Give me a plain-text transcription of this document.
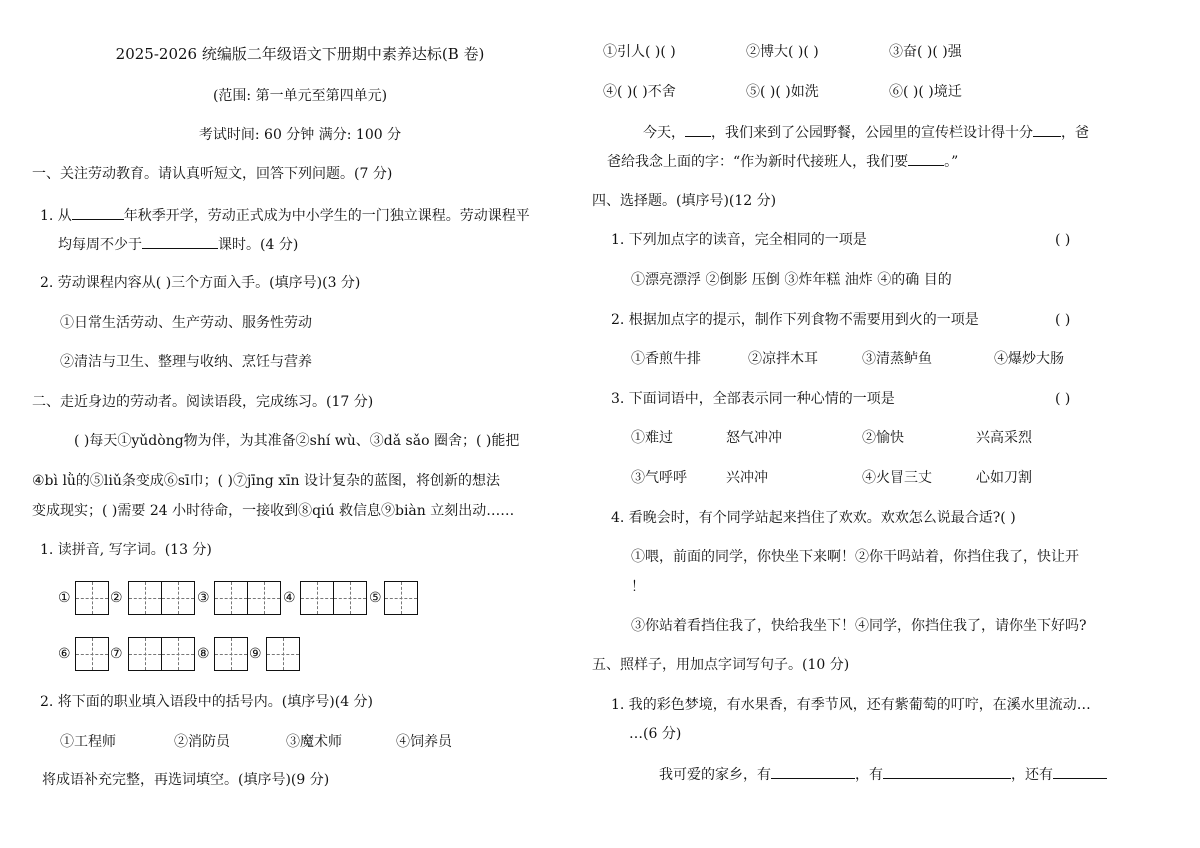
2025-2026 统编版二年级语文下册期中素养达标(B 卷)
(范围: 第一单元至第四单元)
考试时间: 60 分钟 满分: 100 分
一、关注劳动教育。请认真听短文，回答下列问题。(7 分)
1. 从	年秋季开学，劳动正式成为中小学生的一门独立课程。劳动课程平
均每周不少于	课时。(4 分)
2. 劳动课程内容从( )三个方面入手。(填序号)(3 分)
①日常生活劳动、生产劳动、服务性劳动
②清洁与卫生、整理与收纳、烹饪与营养
二、走近身边的劳动者。阅读语段，完成练习。(17 分)
( )每天①yǔdòng物为伴，为其准备②shí wù、③dǎ sǎo 圈舍；( )能把
④bì lǜ的⑤liǔ条变成⑥sī巾；( )⑦jīng xīn 设计复杂的蓝图，将创新的想法
变成现实；( )需要 24 小时待命，一接收到⑧qiú 救信息⑨biàn 立刻出动……
1. 读拼音, 写字词。(13 分)
①	②	③	④	⑤
⑥	⑦	⑧	⑨
2. 将下面的职业填入语段中的括号内。(填序号)(4 分)
①工程师	②消防员	③魔术师	④饲养员
将成语补充完整，再选词填空。(填序号)(9 分)
①引人( )( )	②博大( )( )	③奋( )( )强
④( )( )不舍	⑤( )( )如洗	⑥( )( )境迁
今天， ，我们来到了公园野餐，公园里的宣传栏设计得十分 ，爸
爸给我念上面的字：“作为新时代接班人，我们要	。”
四、选择题。(填序号)(12 分)
1. 下列加点字的读音，完全相同的一项是	( )
①漂亮漂浮 ②倒影 压倒 ③炸年糕 油炸 ④的确 目的
2. 根据加点字的提示，制作下列食物不需要用到火的一项是	( )
①香煎牛排	②凉拌木耳	③清蒸鲈鱼	④爆炒大肠
3. 下面词语中，全部表示同一种心情的一项是	( )
①难过	怒气冲冲	②愉快	兴高采烈
③气呼呼	兴冲冲	④火冒三丈	心如刀割
4. 看晚会时，有个同学站起来挡住了欢欢。欢欢怎么说最合适?( )
①喂，前面的同学，你快坐下来啊！②你干吗站着，你挡住我了，快让开
！
③你站着看挡住我了，快给我坐下！④同学，你挡住我了，请你坐下好吗?
五、照样子，用加点字词写句子。(10 分)
1. 我的彩色梦境，有水果香，有季节风，还有紫葡萄的叮咛，在溪水里流动…
…(6 分)
我可爱的家乡，有	，有	，还有
